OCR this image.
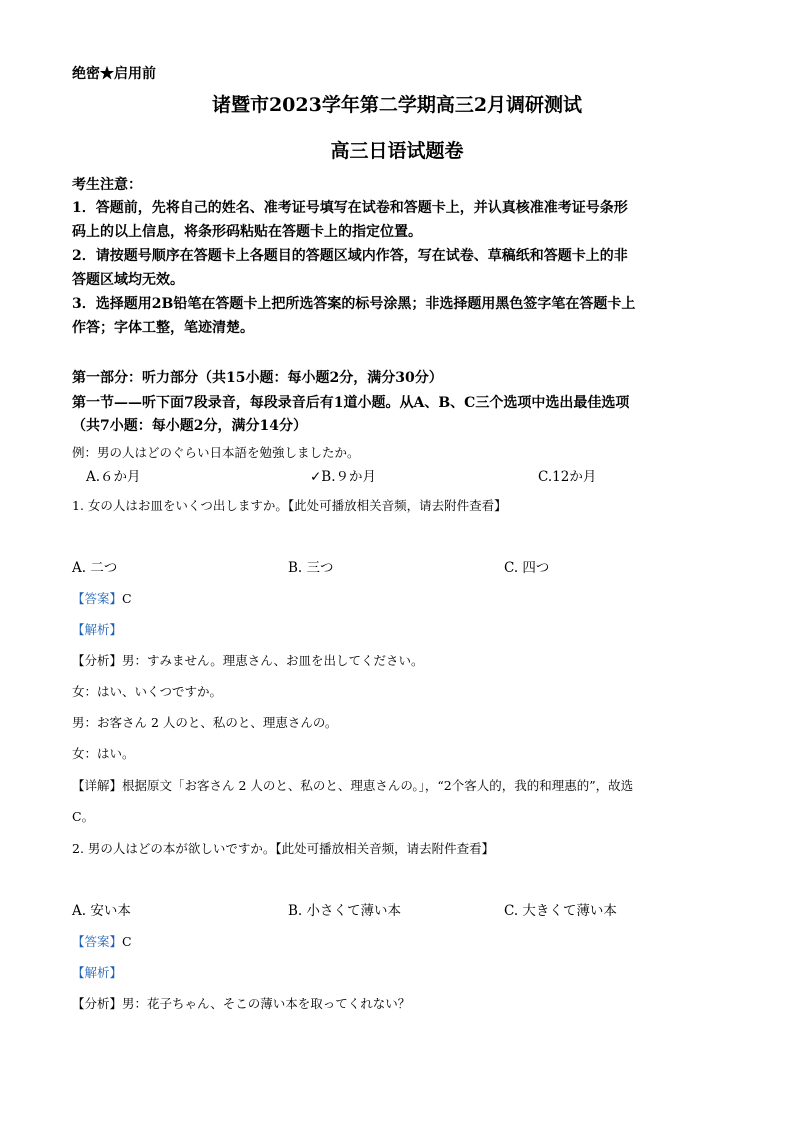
绝密★启用前
诸暨市2023学年第二学期高三2月调研测试
高三日语试题卷
考生注意：
1．答题前，先将自己的姓名、准考证号填写在试卷和答题卡上，并认真核准准考证号条形
码上的以上信息，将条形码粘贴在答题卡上的指定位置。
2．请按题号顺序在答题卡上各题目的答题区域内作答，写在试卷、草稿纸和答题卡上的非
答题区域均无效。
3．选择题用2B铅笔在答题卡上把所选答案的标号涂黑；非选择题用黑色签字笔在答题卡上
作答；字体工整，笔迹清楚。
第一部分：听力部分（共15小题：每小题2分，满分30分）
第一节——听下面7段录音，每段录音后有1道小题。从A、B、C三个选项中选出最佳选项
（共7小题：每小题2分，满分14分）
例：男の人はどのぐらい日本語を勉強しましたか。
A.６か月	✓B.９か月	C.12か月
1. 女の人はお皿をいくつ出しますか。【此处可播放相关音频，请去附件查看】
A. 二つ	B. 三つ	C. 四つ
【答案】C
【解析】
【分析】男：すみません。理恵さん、お皿を出してください。
女：はい、いくつですか。
男：お客さん 2 人のと、私のと、理恵さんの。
女：はい。
【详解】根据原文「お客さん 2 人のと、私のと、理恵さんの。」，“2个客人的，我的和理惠的”，故选
C。
2. 男の人はどの本が欲しいですか。【此处可播放相关音频，请去附件查看】
A. 安い本	B. 小さくて薄い本	C. 大きくて薄い本
【答案】C
【解析】
【分析】男：花子ちゃん、そこの薄い本を取ってくれない？
